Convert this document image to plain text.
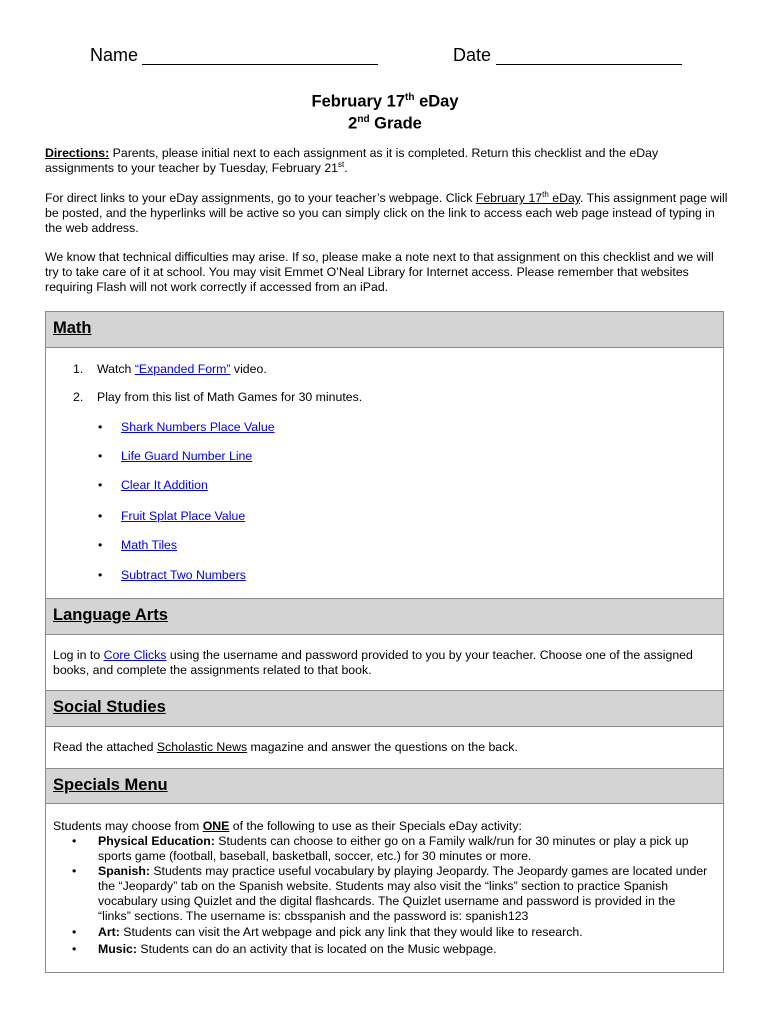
Name	Date
February 17th eDay
2nd Grade
Directions: Parents, please initial next to each assignment as it is completed. Return this checklist and the eDay assignments to your teacher by Tuesday, February 21st.
For direct links to your eDay assignments, go to your teacher’s webpage. Click February 17th eDay. This assignment page will be posted, and the hyperlinks will be active so you can simply click on the link to access each web page instead of typing in the web address.
We know that technical difficulties may arise. If so, please make a note next to that assignment on this checklist and we will try to take care of it at school. You may visit Emmet O’Neal Library for Internet access. Please remember that websites requiring Flash will not work correctly if accessed from an iPad.
Math
1. Watch “Expanded Form” video.
2. Play from this list of Math Games for 30 minutes.
• Shark Numbers Place Value
• Life Guard Number Line
• Clear It Addition
• Fruit Splat Place Value
• Math Tiles
• Subtract Two Numbers
Language Arts
Log in to Core Clicks using the username and password provided to you by your teacher. Choose one of the assigned books, and complete the assignments related to that book.
Social Studies
Read the attached Scholastic News magazine and answer the questions on the back.
Specials Menu
Students may choose from ONE of the following to use as their Specials eDay activity:
• Physical Education: Students can choose to either go on a Family walk/run for 30 minutes or play a pick up sports game (football, baseball, basketball, soccer, etc.) for 30 minutes or more.
• Spanish: Students may practice useful vocabulary by playing Jeopardy. The Jeopardy games are located under the “Jeopardy” tab on the Spanish website. Students may also visit the “links” section to practice Spanish vocabulary using Quizlet and the digital flashcards. The Quizlet username and password is provided in the “links” sections. The username is: cbsspanish and the password is: spanish123
• Art: Students can visit the Art webpage and pick any link that they would like to research.
• Music: Students can do an activity that is located on the Music webpage.
